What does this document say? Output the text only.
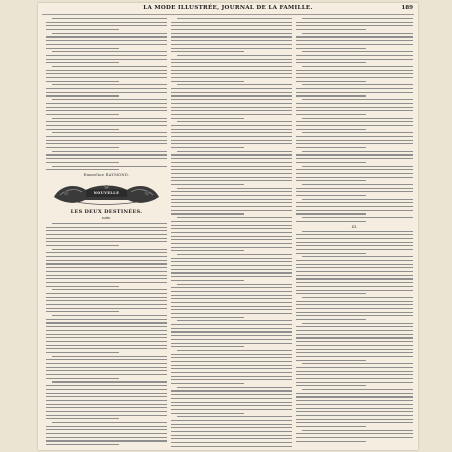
LA MODE ILLUSTRÉE, JOURNAL DE LA FAMILLE.	189
Emmeline RAYMOND.
NOUVELLE
LES DEUX DESTINÉES.
suite.
III.
